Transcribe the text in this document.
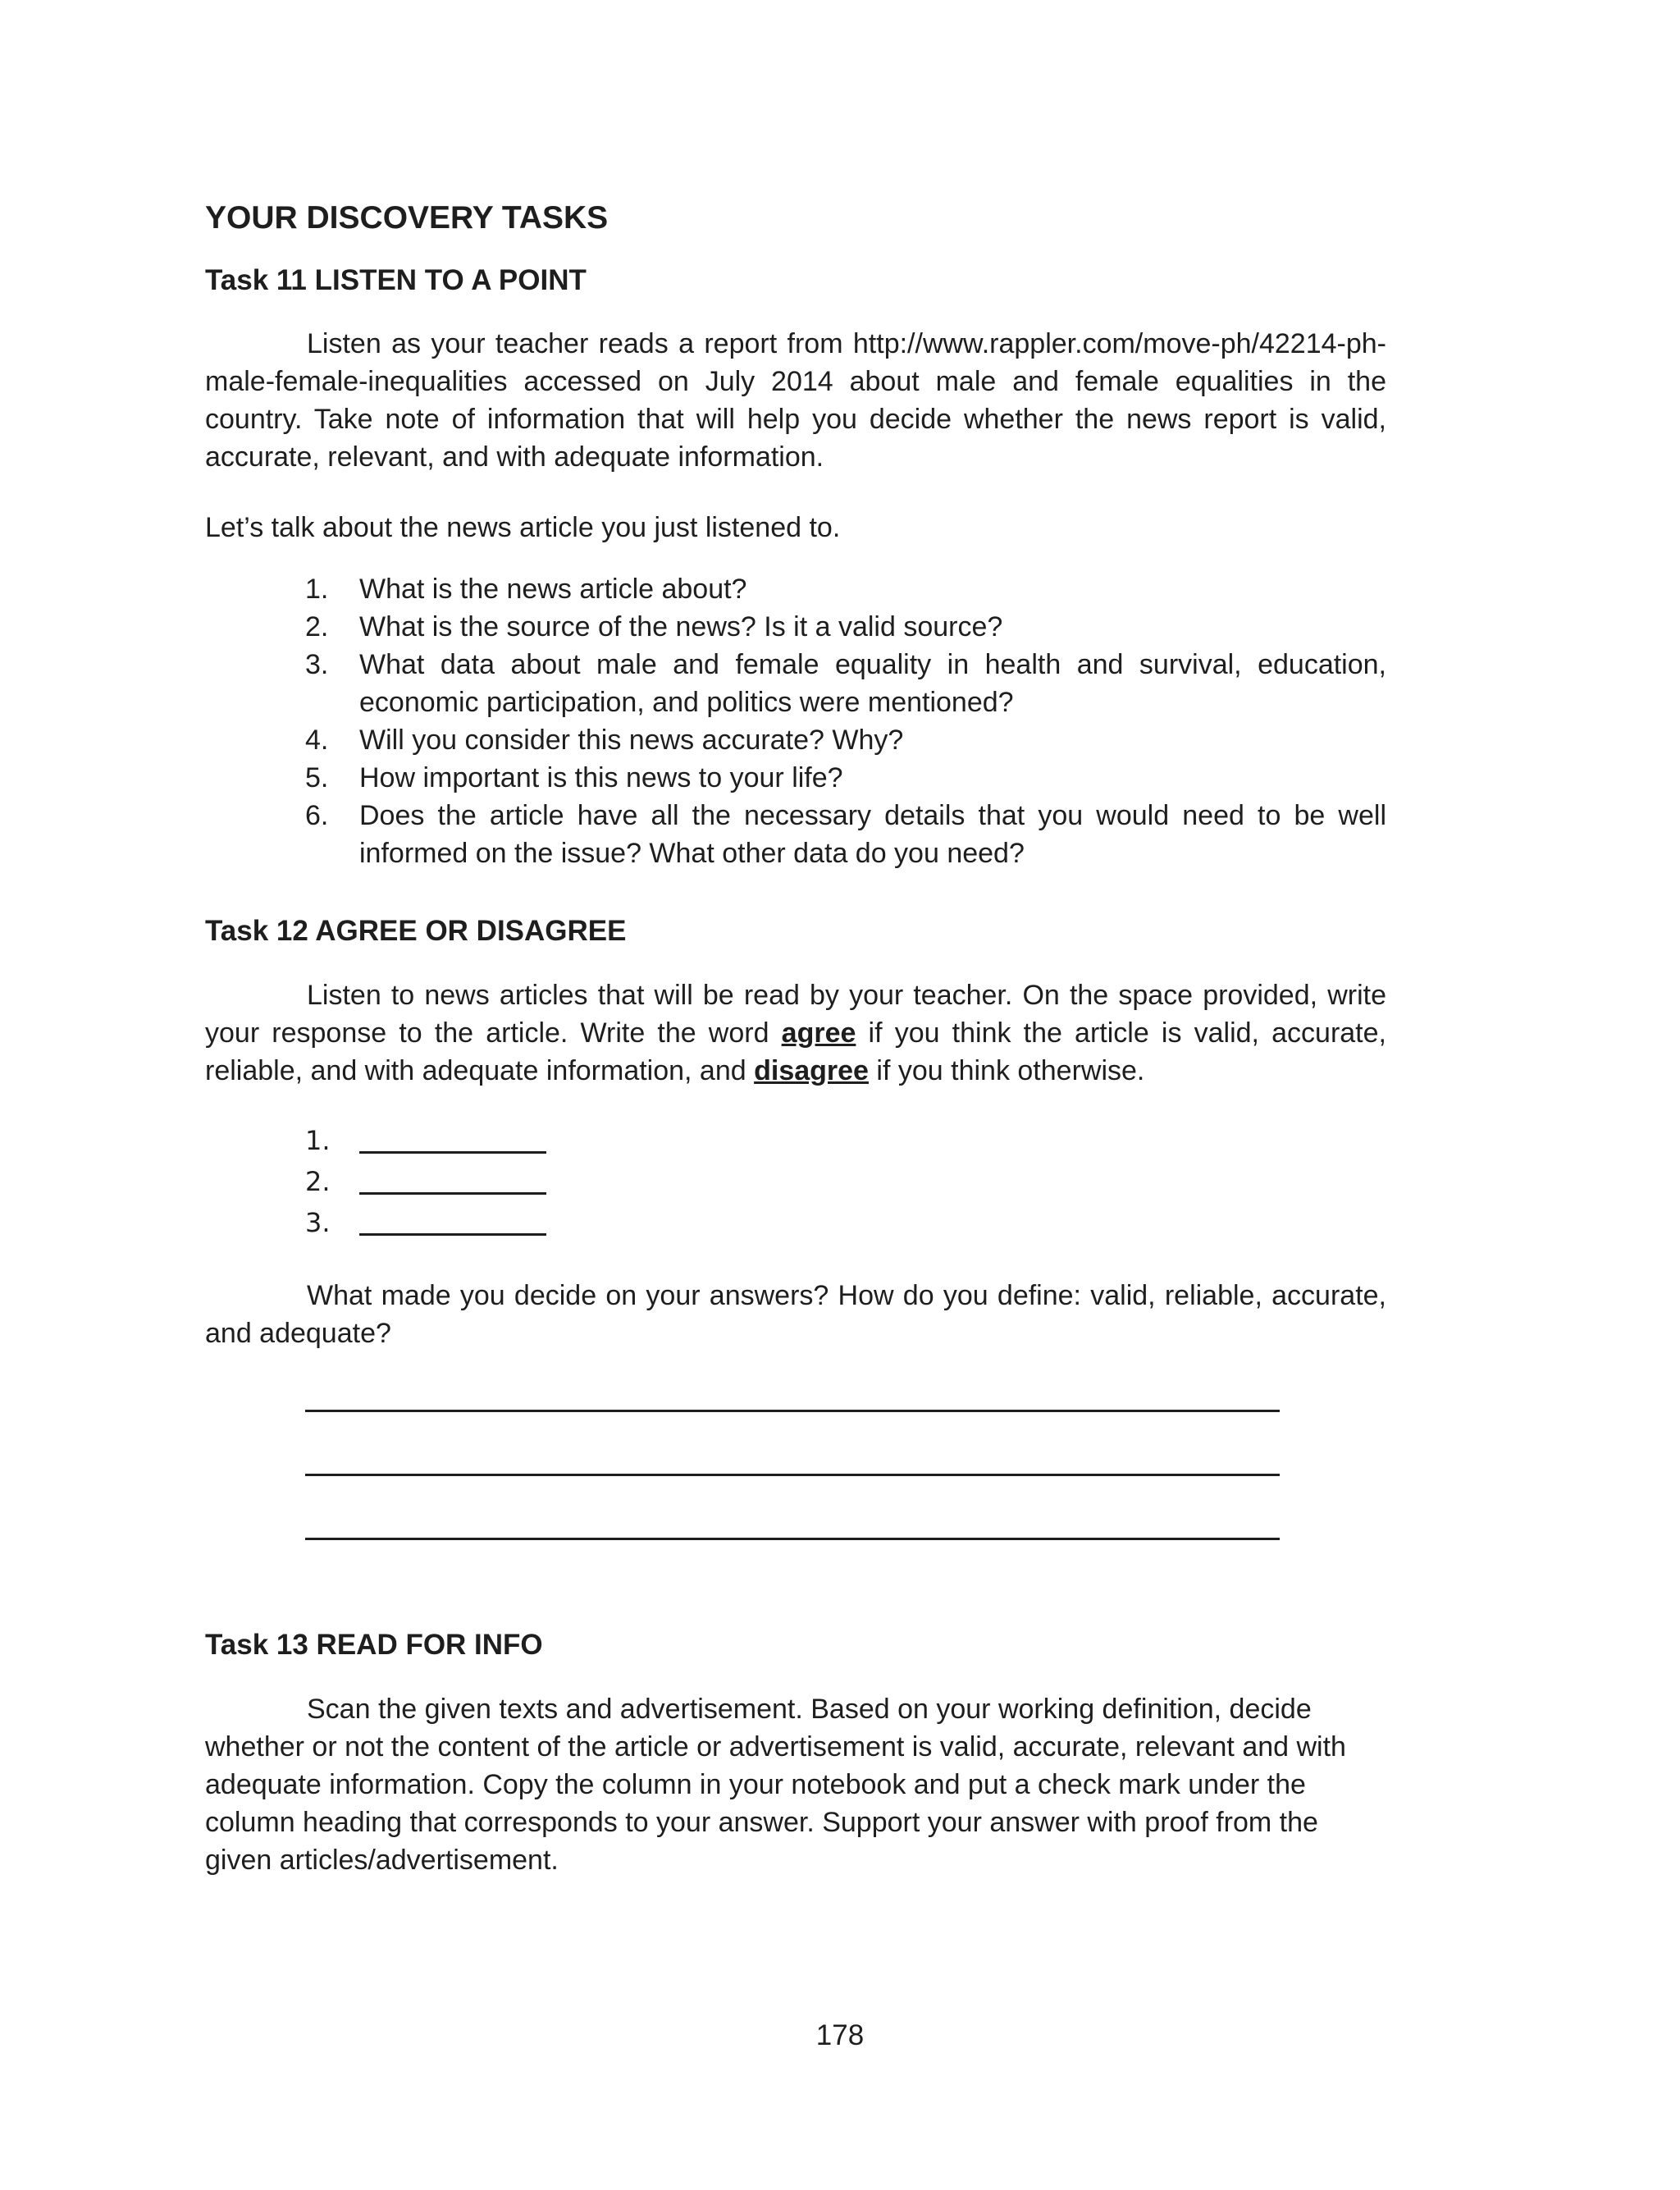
YOUR DISCOVERY TASKS
Task 11 LISTEN TO A POINT
Listen as your teacher reads a report from http://www.rappler.com/move-ph/42214-ph-male-female-inequalities accessed on July 2014 about male and female equalities in the country. Take note of information that will help you decide whether the news report is valid, accurate, relevant, and with adequate information.
Let’s talk about the news article you just listened to.
1. What is the news article about?
2. What is the source of the news? Is it a valid source?
3. What data about male and female equality in health and survival, education, economic participation, and politics were mentioned?
4. Will you consider this news accurate? Why?
5. How important is this news to your life?
6. Does the article have all the necessary details that you would need to be well informed on the issue? What other data do you need?
Task 12 AGREE OR DISAGREE
Listen to news articles that will be read by your teacher. On the space provided, write your response to the article. Write the word agree if you think the article is valid, accurate, reliable, and with adequate information, and disagree if you think otherwise.
1.
2.
3.
What made you decide on your answers? How do you define: valid, reliable, accurate, and adequate?
Task 13 READ FOR INFO
Scan the given texts and advertisement. Based on your working definition, decide whether or not the content of the article or advertisement is valid, accurate, relevant and with adequate information. Copy the column in your notebook and put a check mark under the column heading that corresponds to your answer. Support your answer with proof from the given articles/advertisement.
178
